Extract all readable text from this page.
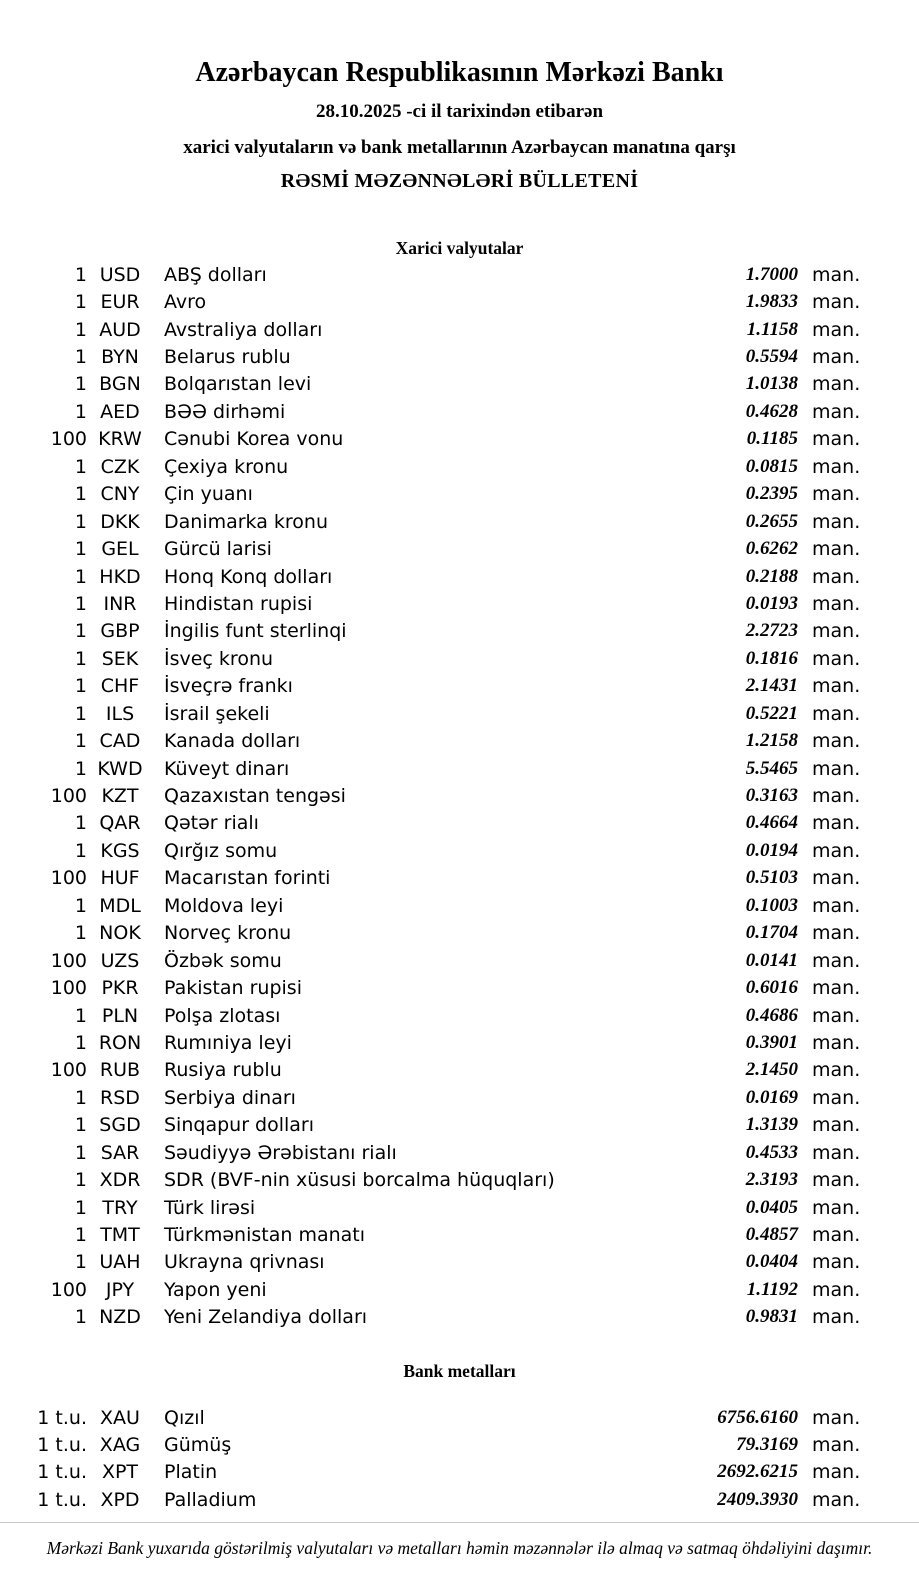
Azərbaycan Respublikasının Mərkəzi Bankı
28.10.2025 -ci il tarixindən etibarən
xarici valyutaların və bank metallarının Azərbaycan manatına qarşı
RƏSMİ MƏZƏNNƏLƏRİ BÜLLETENİ
Xarici valyutalar
1 USD	ABŞ dolları	1.7000 man.
1 EUR	Avro	1.9833 man.
1 AUD	Avstraliya dolları	1.1158 man.
1 BYN	Belarus rublu	0.5594 man.
1 BGN	Bolqarıstan levi	1.0138 man.
1 AED	BƏƏ dirhəmi	0.4628 man.
100 KRW	Cənubi Korea vonu	0.1185 man.
1 CZK	Çexiya kronu	0.0815 man.
1 CNY	Çin yuanı	0.2395 man.
1 DKK	Danimarka kronu	0.2655 man.
1 GEL	Gürcü larisi	0.6262 man.
1 HKD	Honq Konq dolları	0.2188 man.
1 INR	Hindistan rupisi	0.0193 man.
1 GBP	İngilis funt sterlinqi	2.2723 man.
1 SEK	İsveç kronu	0.1816 man.
1 CHF	İsveçrə frankı	2.1431 man.
1 ILS	İsrail şekeli	0.5221 man.
1 CAD	Kanada dolları	1.2158 man.
1 KWD	Küveyt dinarı	5.5465 man.
100 KZT	Qazaxıstan tengəsi	0.3163 man.
1 QAR	Qətər rialı	0.4664 man.
1 KGS	Qırğız somu	0.0194 man.
100 HUF	Macarıstan forinti	0.5103 man.
1 MDL	Moldova leyi	0.1003 man.
1 NOK	Norveç kronu	0.1704 man.
100 UZS	Özbək somu	0.0141 man.
100 PKR	Pakistan rupisi	0.6016 man.
1 PLN	Polşa zlotası	0.4686 man.
1 RON	Rumıniya leyi	0.3901 man.
100 RUB	Rusiya rublu	2.1450 man.
1 RSD	Serbiya dinarı	0.0169 man.
1 SGD	Sinqapur dolları	1.3139 man.
1 SAR	Səudiyyə Ərəbistanı rialı	0.4533 man.
1 XDR	SDR (BVF-nin xüsusi borcalma hüquqları)	2.3193 man.
1 TRY	Türk lirəsi	0.0405 man.
1 TMT	Türkmənistan manatı	0.4857 man.
1 UAH	Ukrayna qrivnası	0.0404 man.
100 JPY	Yapon yeni	1.1192 man.
1 NZD	Yeni Zelandiya dolları	0.9831 man.
Bank metalları
1 t.u. XAU	Qızıl	6756.6160 man.
1 t.u. XAG	Gümüş	79.3169 man.
1 t.u. XPT	Platin	2692.6215 man.
1 t.u. XPD	Palladium	2409.3930 man.
Mərkəzi Bank yuxarıda göstərilmiş valyutaları və metalları həmin məzənnələr ilə almaq və satmaq öhdəliyini daşımır.
